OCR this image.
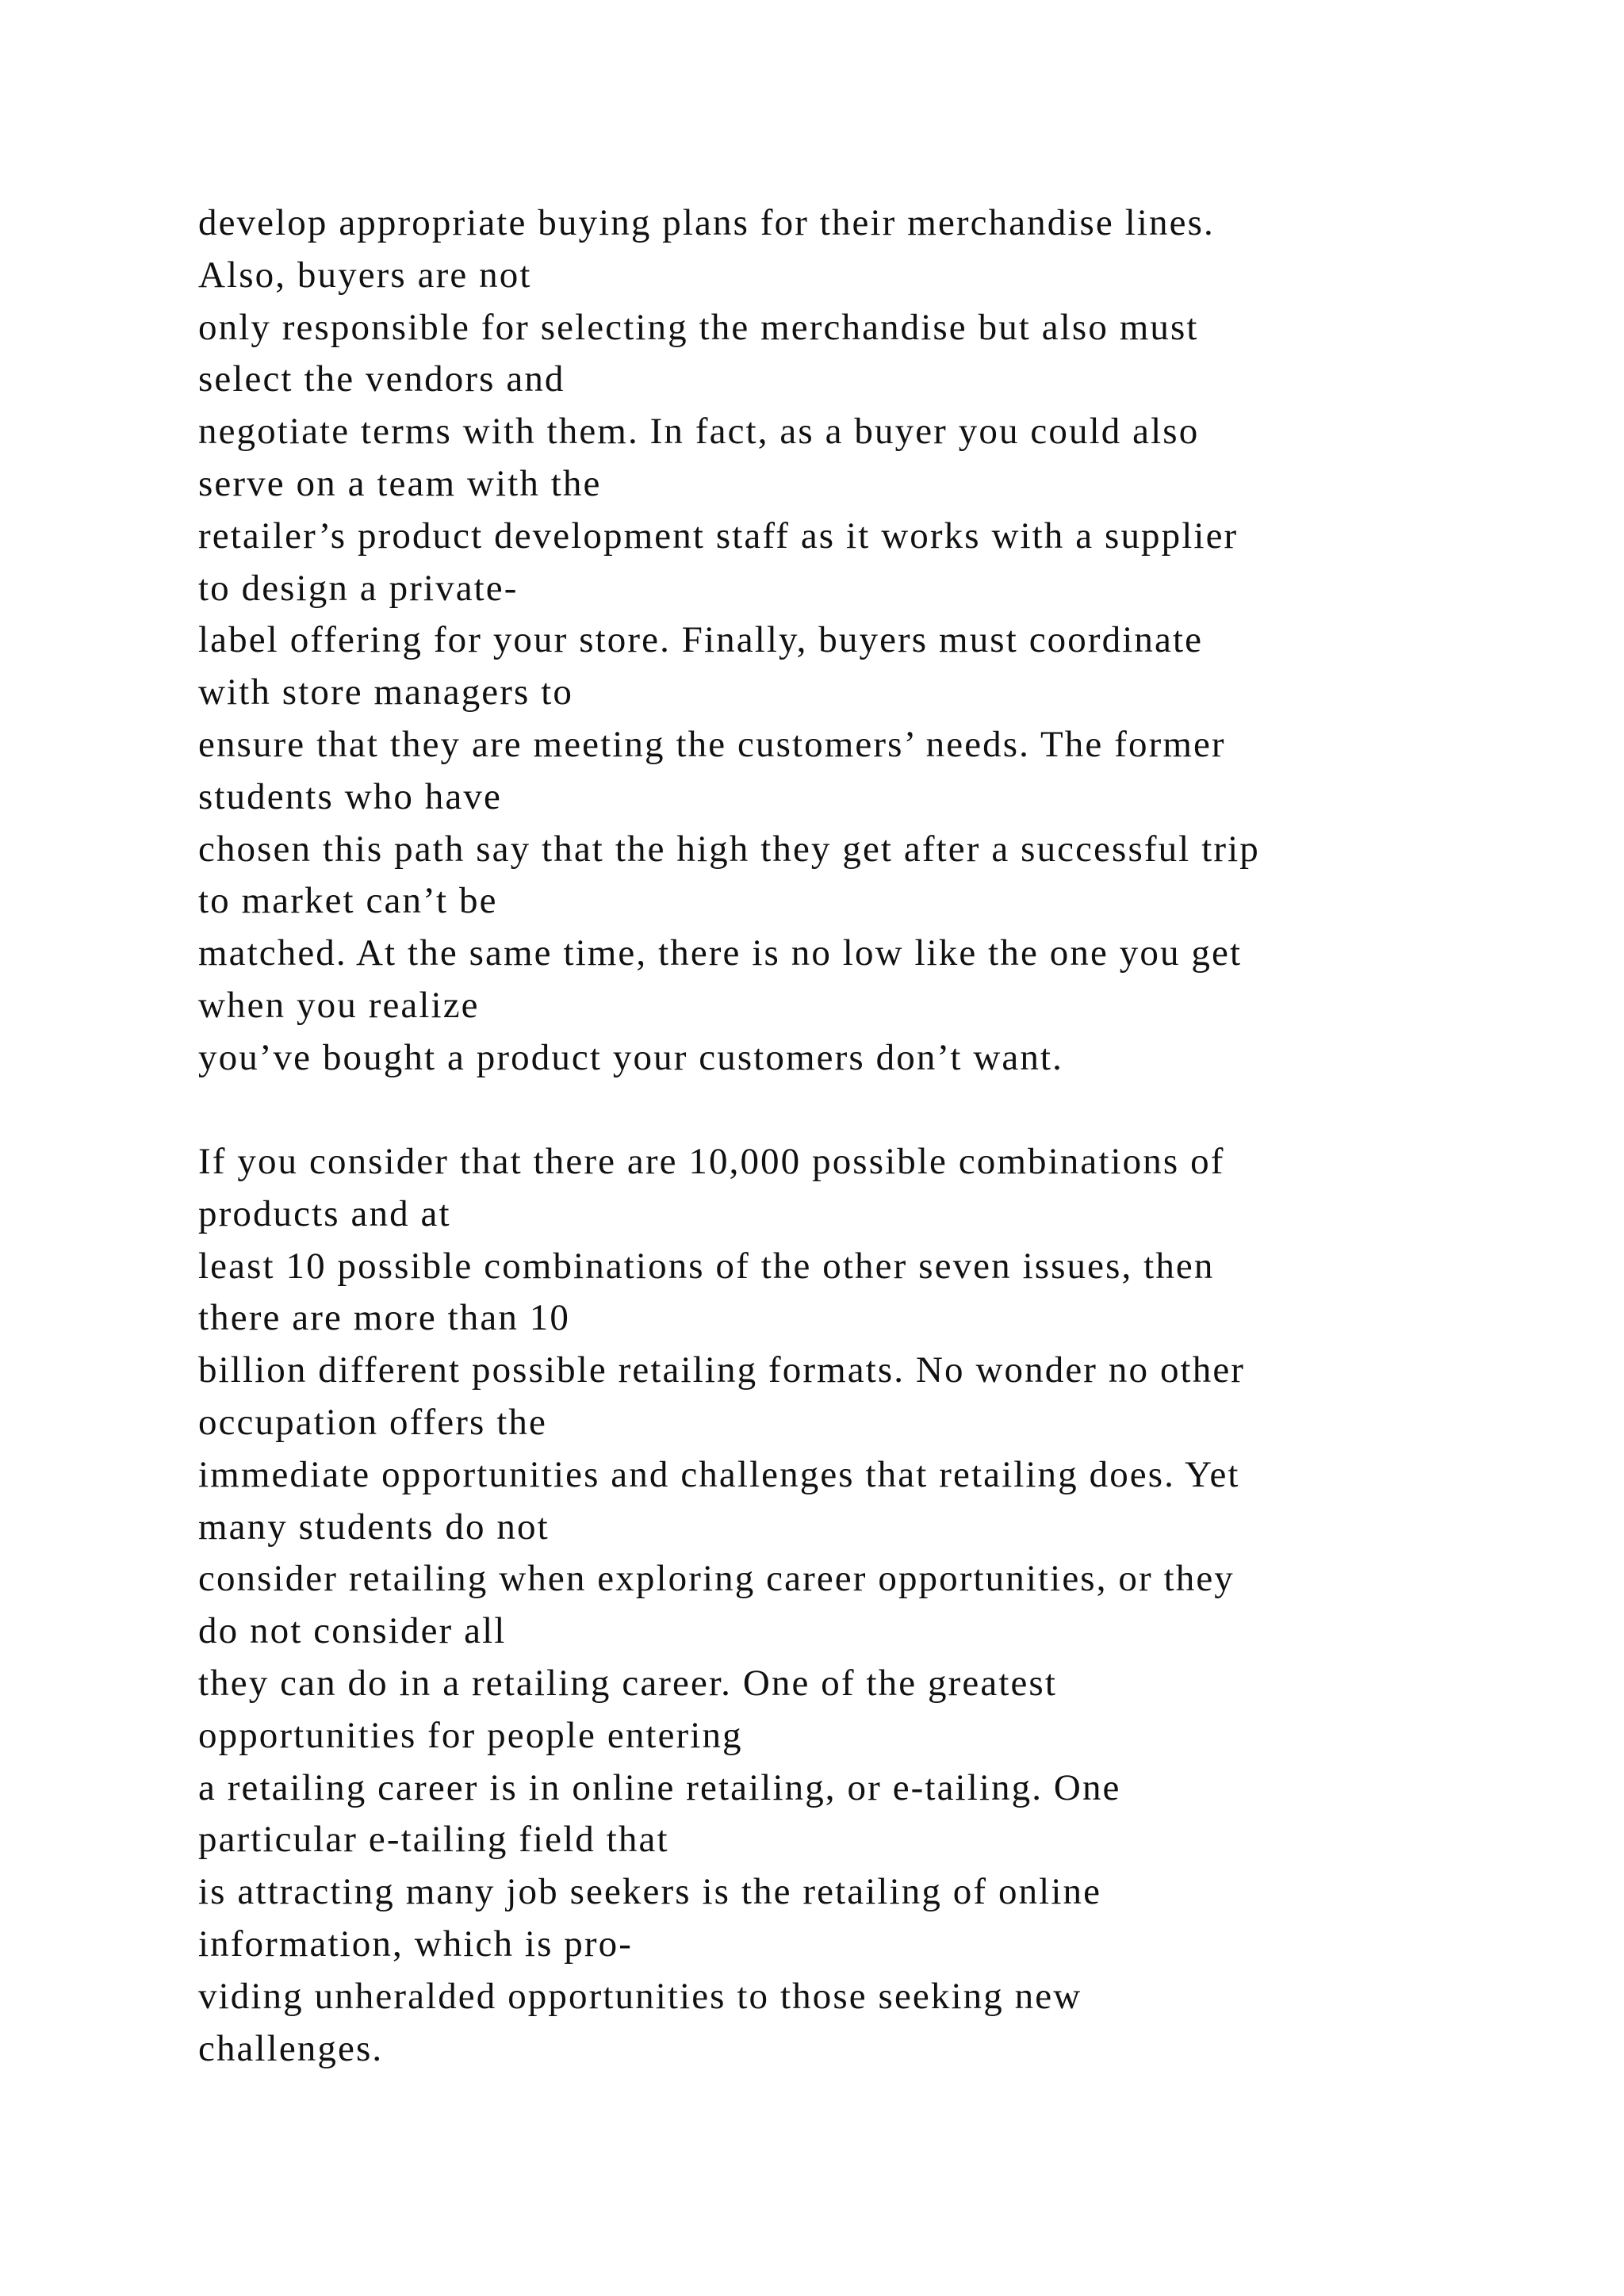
develop appropriate buying plans for their merchandise lines.
Also, buyers are not
only responsible for selecting the merchandise but also must
select the vendors and
negotiate terms with them. In fact, as a buyer you could also
serve on a team with the
retailer’s product development staff as it works with a supplier
to design a private-
label offering for your store. Finally, buyers must coordinate
with store managers to
ensure that they are meeting the customers’ needs. The former
students who have
chosen this path say that the high they get after a successful trip
to market can’t be
matched. At the same time, there is no low like the one you get
when you realize
you’ve bought a product your customers don’t want.
If you consider that there are 10,000 possible combinations of
products and at
least 10 possible combinations of the other seven issues, then
there are more than 10
billion different possible retailing formats. No wonder no other
occupation offers the
immediate opportunities and challenges that retailing does. Yet
many students do not
consider retailing when exploring career opportunities, or they
do not consider all
they can do in a retailing career. One of the greatest
opportunities for people entering
a retailing career is in online retailing, or e-tailing. One
particular e-tailing field that
is attracting many job seekers is the retailing of online
information, which is pro-
viding unheralded opportunities to those seeking new
challenges.
